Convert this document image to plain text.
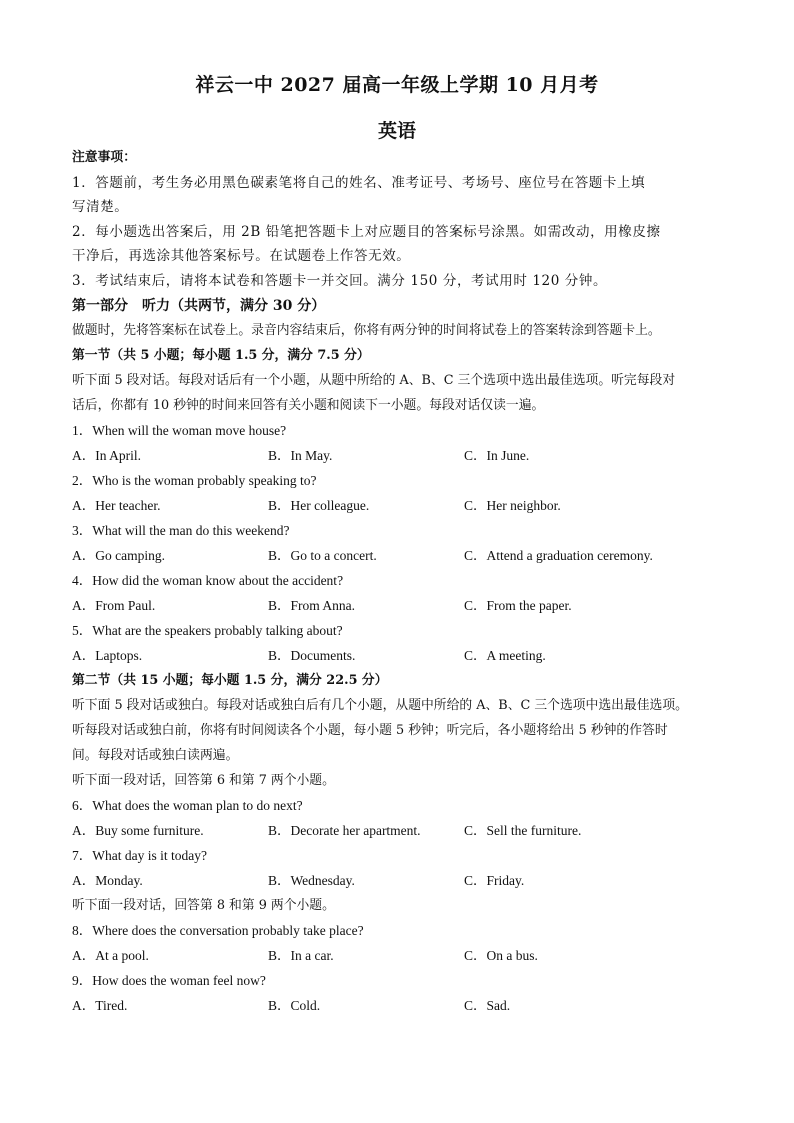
祥云一中 2027 届高一年级上学期 10 月月考
英语
注意事项：
1．答题前，考生务必用黑色碳素笔将自己的姓名、准考证号、考场号、座位号在答题卡上填
写清楚。
2．每小题选出答案后，用 2B 铅笔把答题卡上对应题目的答案标号涂黑。如需改动，用橡皮擦
干净后，再选涂其他答案标号。在试题卷上作答无效。
3．考试结束后，请将本试卷和答题卡一并交回。满分 150 分，考试用时 120 分钟。
第一部分　听力（共两节，满分 30 分）
做题时，先将答案标在试卷上。录音内容结束后，你将有两分钟的时间将试卷上的答案转涂到答题卡上。
第一节（共 5 小题；每小题 1.5 分，满分 7.5 分）
听下面 5 段对话。每段对话后有一个小题，从题中所给的 A、B、C 三个选项中选出最佳选项。听完每段对
话后，你都有 10 秒钟的时间来回答有关小题和阅读下一小题。每段对话仅读一遍。
1．When will the woman move house?
A．In April.	B．In May.	C．In June.
2．Who is the woman probably speaking to?
A．Her teacher.	B．Her colleague.	C．Her neighbor.
3．What will the man do this weekend?
A．Go camping.	B．Go to a concert.	C．Attend a graduation ceremony.
4．How did the woman know about the accident?
A．From Paul.	B．From Anna.	C．From the paper.
5．What are the speakers probably talking about?
A．Laptops.	B．Documents.	C．A meeting.
第二节（共 15 小题；每小题 1.5 分，满分 22.5 分）
听下面 5 段对话或独白。每段对话或独白后有几个小题，从题中所给的 A、B、C 三个选项中选出最佳选项。
听每段对话或独白前，你将有时间阅读各个小题，每小题 5 秒钟；听完后，各小题将给出 5 秒钟的作答时
间。每段对话或独白读两遍。
听下面一段对话，回答第 6 和第 7 两个小题。
6．What does the woman plan to do next?
A．Buy some furniture.	B．Decorate her apartment.	C．Sell the furniture.
7．What day is it today?
A．Monday.	B．Wednesday.	C．Friday.
听下面一段对话，回答第 8 和第 9 两个小题。
8．Where does the conversation probably take place?
A．At a pool.	B．In a car.	C．On a bus.
9．How does the woman feel now?
A．Tired.	B．Cold.	C．Sad.
